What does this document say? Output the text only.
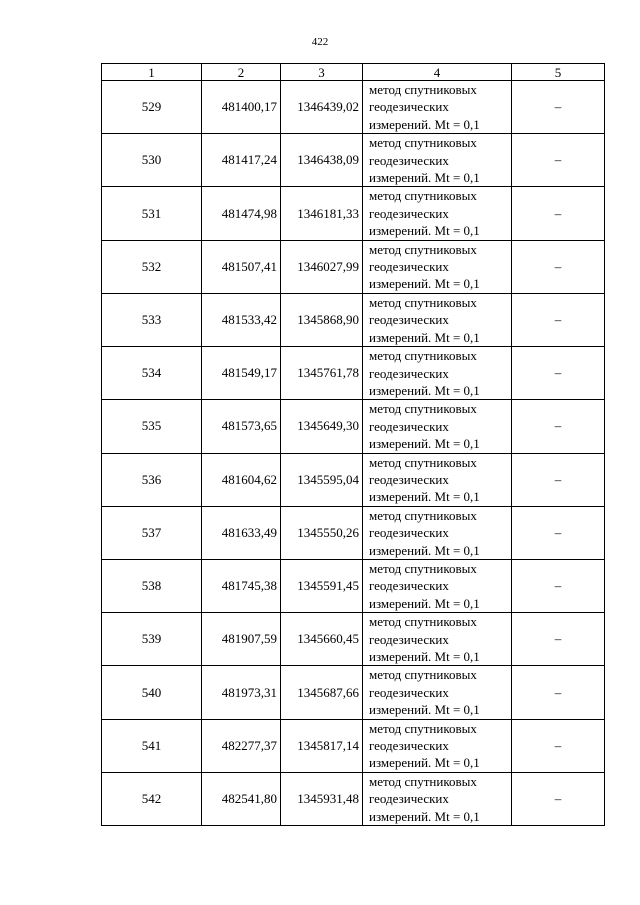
422
1	2	3	4	5
529	481400,17	1346439,02	метод спутниковых
геодезических
измерений. Mt = 0,1	–
530	481417,24	1346438,09	метод спутниковых
геодезических
измерений. Mt = 0,1	–
531	481474,98	1346181,33	метод спутниковых
геодезических
измерений. Mt = 0,1	–
532	481507,41	1346027,99	метод спутниковых
геодезических
измерений. Mt = 0,1	–
533	481533,42	1345868,90	метод спутниковых
геодезических
измерений. Mt = 0,1	–
534	481549,17	1345761,78	метод спутниковых
геодезических
измерений. Mt = 0,1	–
535	481573,65	1345649,30	метод спутниковых
геодезических
измерений. Mt = 0,1	–
536	481604,62	1345595,04	метод спутниковых
геодезических
измерений. Mt = 0,1	–
537	481633,49	1345550,26	метод спутниковых
геодезических
измерений. Mt = 0,1	–
538	481745,38	1345591,45	метод спутниковых
геодезических
измерений. Mt = 0,1	–
539	481907,59	1345660,45	метод спутниковых
геодезических
измерений. Mt = 0,1	–
540	481973,31	1345687,66	метод спутниковых
геодезических
измерений. Mt = 0,1	–
541	482277,37	1345817,14	метод спутниковых
геодезических
измерений. Mt = 0,1	–
542	482541,80	1345931,48	метод спутниковых
геодезических
измерений. Mt = 0,1	–
